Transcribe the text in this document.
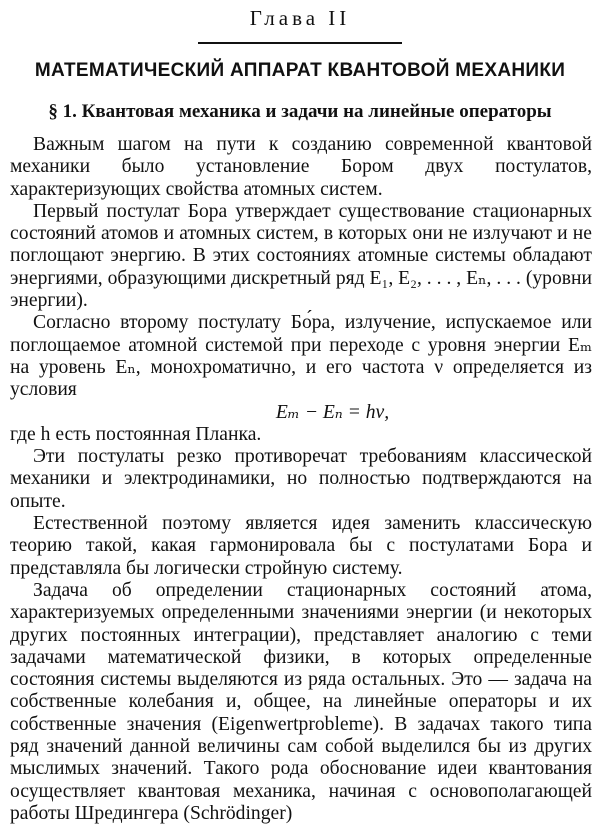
Глава II
МАТЕМАТИЧЕСКИЙ АППАРАТ КВАНТОВОЙ МЕХАНИКИ
§ 1. Квантовая механика и задачи на линейные операторы

Важным шагом на пути к созданию современной квантовой механики было установление Бором двух постулатов, характеризующих свойства атомных систем.

Первый постулат Бора утверждает существование стационарных состояний атомов и атомных систем, в которых они не излучают и не поглощают энергию. В этих состояниях атомные системы обладают энергиями, образующими дискретный ряд E₁, E₂, . . . , Eₙ, . . . (уровни энергии).

Согласно второму постулату Бо́ра, излучение, испускаемое или поглощаемое атомной системой при переходе с уровня энергии Eₘ на уровень Eₙ, монохроматично, и его частота ν определяется из условия

Eₘ − Eₙ = hν,

где h есть постоянная Планка.

Эти постулаты резко противоречат требованиям классической механики и электродинамики, но полностью подтверждаются на опыте.

Естественной поэтому является идея заменить классическую теорию такой, какая гармонировала бы с постулатами Бора и представляла бы логически стройную систему.

Задача об определении стационарных состояний атома, характеризуемых определенными значениями энергии (и некоторых других постоянных интеграции), представляет аналогию с теми задачами математической физики, в которых определенные состояния системы выделяются из ряда остальных. Это — задача на собственные колебания и, общее, на линейные операторы и их собственные значения (Eigenwertprobleme). В задачах такого типа ряд значений данной величины сам собой выделился бы из других мыслимых значений. Такого рода обоснование идеи квантования осуществляет квантовая механика, начиная с основополагающей работы Шредингера (Schrödinger)
